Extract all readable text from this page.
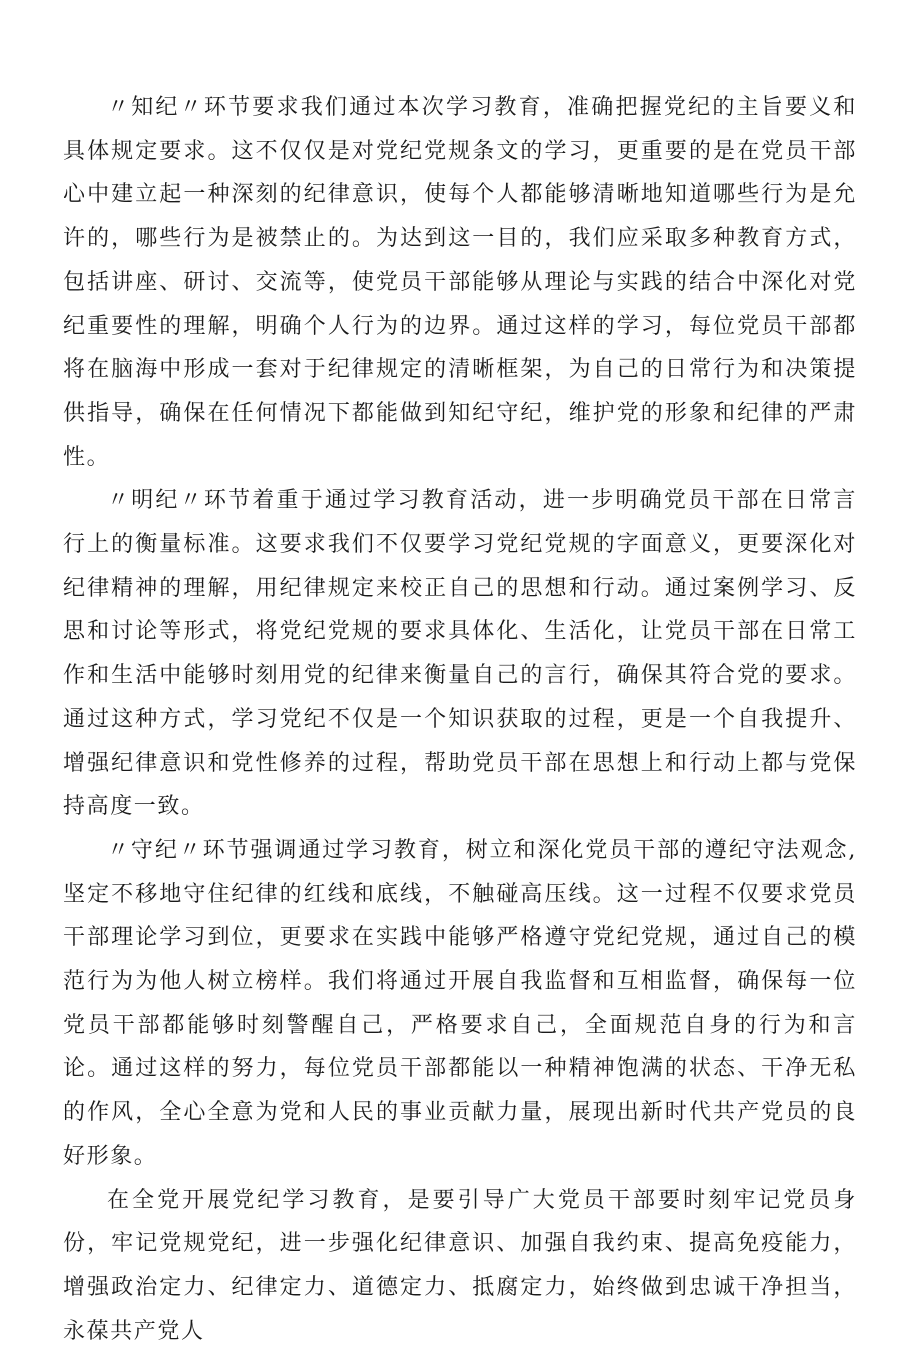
〃知纪〃环节要求我们通过本次学习教育，准确把握党纪的主旨要义和具体规定要求。这不仅仅是对党纪党规条文的学习，更重要的是在党员干部心中建立起一种深刻的纪律意识，使每个人都能够清晰地知道哪些行为是允许的，哪些行为是被禁止的。为达到这一目的，我们应采取多种教育方式，包括讲座、研讨、交流等，使党员干部能够从理论与实践的结合中深化对党纪重要性的理解，明确个人行为的边界。通过这样的学习，每位党员干部都将在脑海中形成一套对于纪律规定的清晰框架，为自己的日常行为和决策提供指导，确保在任何情况下都能做到知纪守纪，维护党的形象和纪律的严肃性。

〃明纪〃环节着重于通过学习教育活动，进一步明确党员干部在日常言行上的衡量标准。这要求我们不仅要学习党纪党规的字面意义，更要深化对纪律精神的理解，用纪律规定来校正自己的思想和行动。通过案例学习、反思和讨论等形式，将党纪党规的要求具体化、生活化，让党员干部在日常工作和生活中能够时刻用党的纪律来衡量自己的言行，确保其符合党的要求。通过这种方式，学习党纪不仅是一个知识获取的过程，更是一个自我提升、增强纪律意识和党性修养的过程，帮助党员干部在思想上和行动上都与党保持高度一致。

〃守纪〃环节强调通过学习教育，树立和深化党员干部的遵纪守法观念,坚定不移地守住纪律的红线和底线，不触碰高压线。这一过程不仅要求党员干部理论学习到位，更要求在实践中能够严格遵守党纪党规，通过自己的模范行为为他人树立榜样。我们将通过开展自我监督和互相监督，确保每一位党员干部都能够时刻警醒自己，严格要求自己，全面规范自身的行为和言论。通过这样的努力，每位党员干部都能以一种精神饱满的状态、干净无私的作风，全心全意为党和人民的事业贡献力量，展现出新时代共产党员的良好形象。

在全党开展党纪学习教育，是要引导广大党员干部要时刻牢记党员身份，牢记党规党纪，进一步强化纪律意识、加强自我约束、提高免疫能力，增强政治定力、纪律定力、道德定力、抵腐定力，始终做到忠诚干净担当，永葆共产党人
